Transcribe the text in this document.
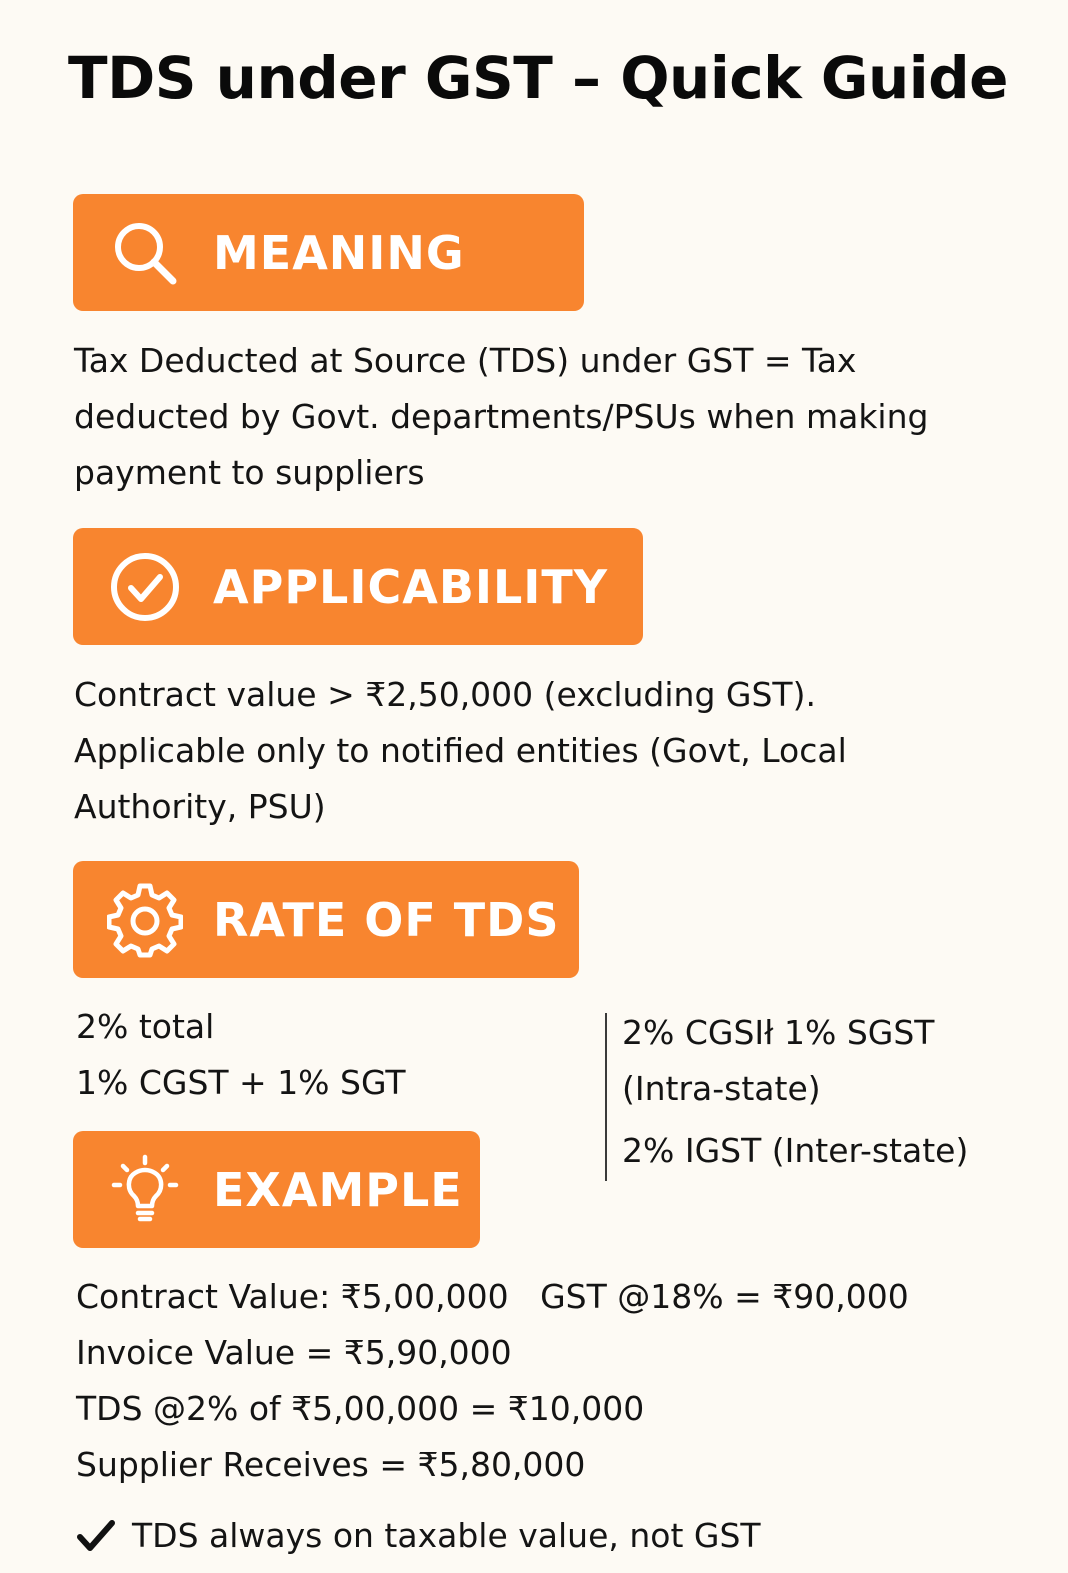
TDS under GST – Quick Guide
MEANING
Tax Deducted at Source (TDS) under GST = Tax
deducted by Govt. departments/PSUs when making
payment to suppliers
APPLICABILITY
Contract value > ₹2,50,000 (excluding GST).
Applicable only to notified entities (Govt, Local
Authority, PSU)
RATE OF TDS
2% total
1% CGST + 1% SGT
2% CGSIł 1% SGST
(Intra-state)
2% IGST (Inter-state)
EXAMPLE
Contract Value: ₹5,00,000   GST @18% = ₹90,000
Invoice Value = ₹5,90,000
TDS @2% of ₹5,00,000 = ₹10,000
Supplier Receives = ₹5,80,000
TDS always on taxable value, not GST
